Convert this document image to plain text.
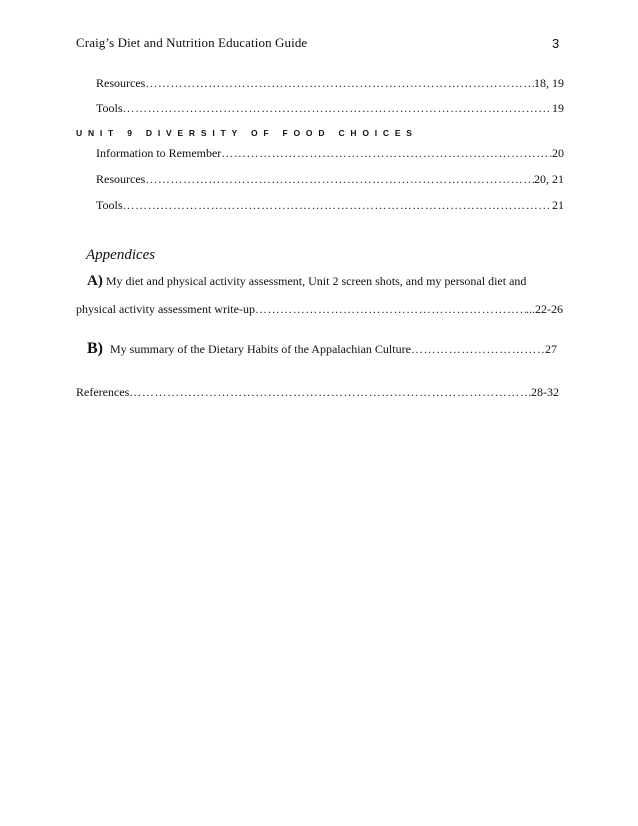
Craig’s Diet and Nutrition Education Guide	3
Resources ……………………………………………………………………………………………………………………………………………………	18, 19
Tools ……………………………………………………………………………………………………………………………………………………	19
UNIT 9 DIVERSITY OF FOOD CHOICES
Information to Remember ……………………………………………………………………………………………………………………………………………………	20
Resources ……………………………………………………………………………………………………………………………………………………	20, 21
Tools ……………………………………………………………………………………………………………………………………………………	21
Appendices
A) My diet and physical activity assessment, Unit 2 screen shots, and my personal diet and
physical activity assessment write-up ……………………………………………………………………………………………………………………………………………………	...22-26
B) My summary of the Dietary Habits of the Appalachian Culture ……………………………………………………………………………………………………………………………………………………	27
References ……………………………………………………………………………………………………………………………………………………	28-32
